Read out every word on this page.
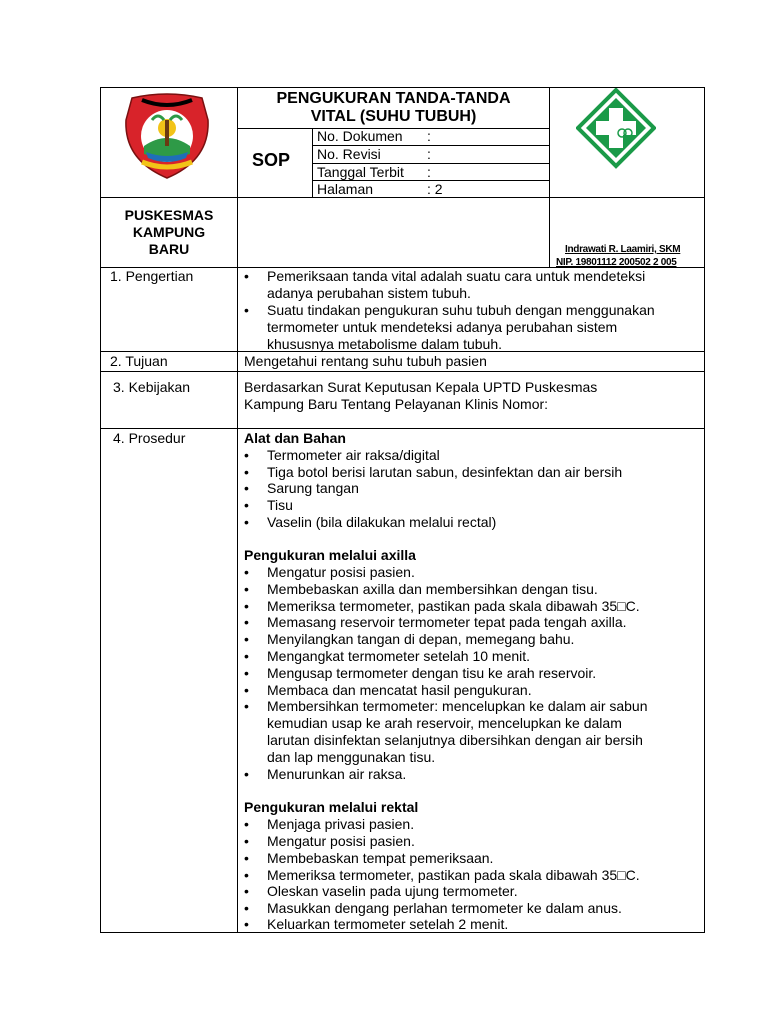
PENGUKURAN TANDA-TANDA
VITAL (SUHU TUBUH)
SOP
No. Dokumen :
No. Revisi	:
Tanggal Terbit :
Halaman	: 2
PUSKESMAS
KAMPUNG
BARU	Indrawati R. Laamiri, SKM
NIP. 19801112 200502 2 005
1. Pengertian
•	Pemeriksaan tanda vital adalah suatu cara untuk mendeteksi
adanya perubahan sistem tubuh.
• Suatu tindakan pengukuran suhu tubuh dengan menggunakan
termometer untuk mendeteksi adanya perubahan sistem
khususnya metabolisme dalam tubuh.
2. Tujuan	Mengetahui rentang suhu tubuh pasien
3. Kebijakan	Berdasarkan Surat Keputusan Kepala UPTD Puskesmas
Kampung Baru Tentang Pelayanan Klinis Nomor:
4. Prosedur	Alat dan Bahan
• Termometer air raksa/digital
• Tiga botol berisi larutan sabun, desinfektan dan air bersih
• Sarung tangan
• Tisu
• Vaselin (bila dilakukan melalui rectal)
Pengukuran melalui axilla
• Mengatur posisi pasien.
• Membebaskan axilla dan membersihkan dengan tisu.
• Memeriksa termometer, pastikan pada skala dibawah 35□C.
• Memasang reservoir termometer tepat pada tengah axilla.
• Menyilangkan tangan di depan, memegang bahu.
• Mengangkat termometer setelah 10 menit.
• Mengusap termometer dengan tisu ke arah reservoir.
• Membaca dan mencatat hasil pengukuran.
• Membersihkan termometer: mencelupkan ke dalam air sabun
kemudian usap ke arah reservoir, mencelupkan ke dalam
larutan disinfektan selanjutnya dibersihkan dengan air bersih
dan lap menggunakan tisu.
• Menurunkan air raksa.
Pengukuran melalui rektal
• Menjaga privasi pasien.
• Mengatur posisi pasien.
• Membebaskan tempat pemeriksaan.
• Memeriksa termometer, pastikan pada skala dibawah 35□C.
• Oleskan vaselin pada ujung termometer.
• Masukkan dengang perlahan termometer ke dalam anus.
• Keluarkan termometer setelah 2 menit.
